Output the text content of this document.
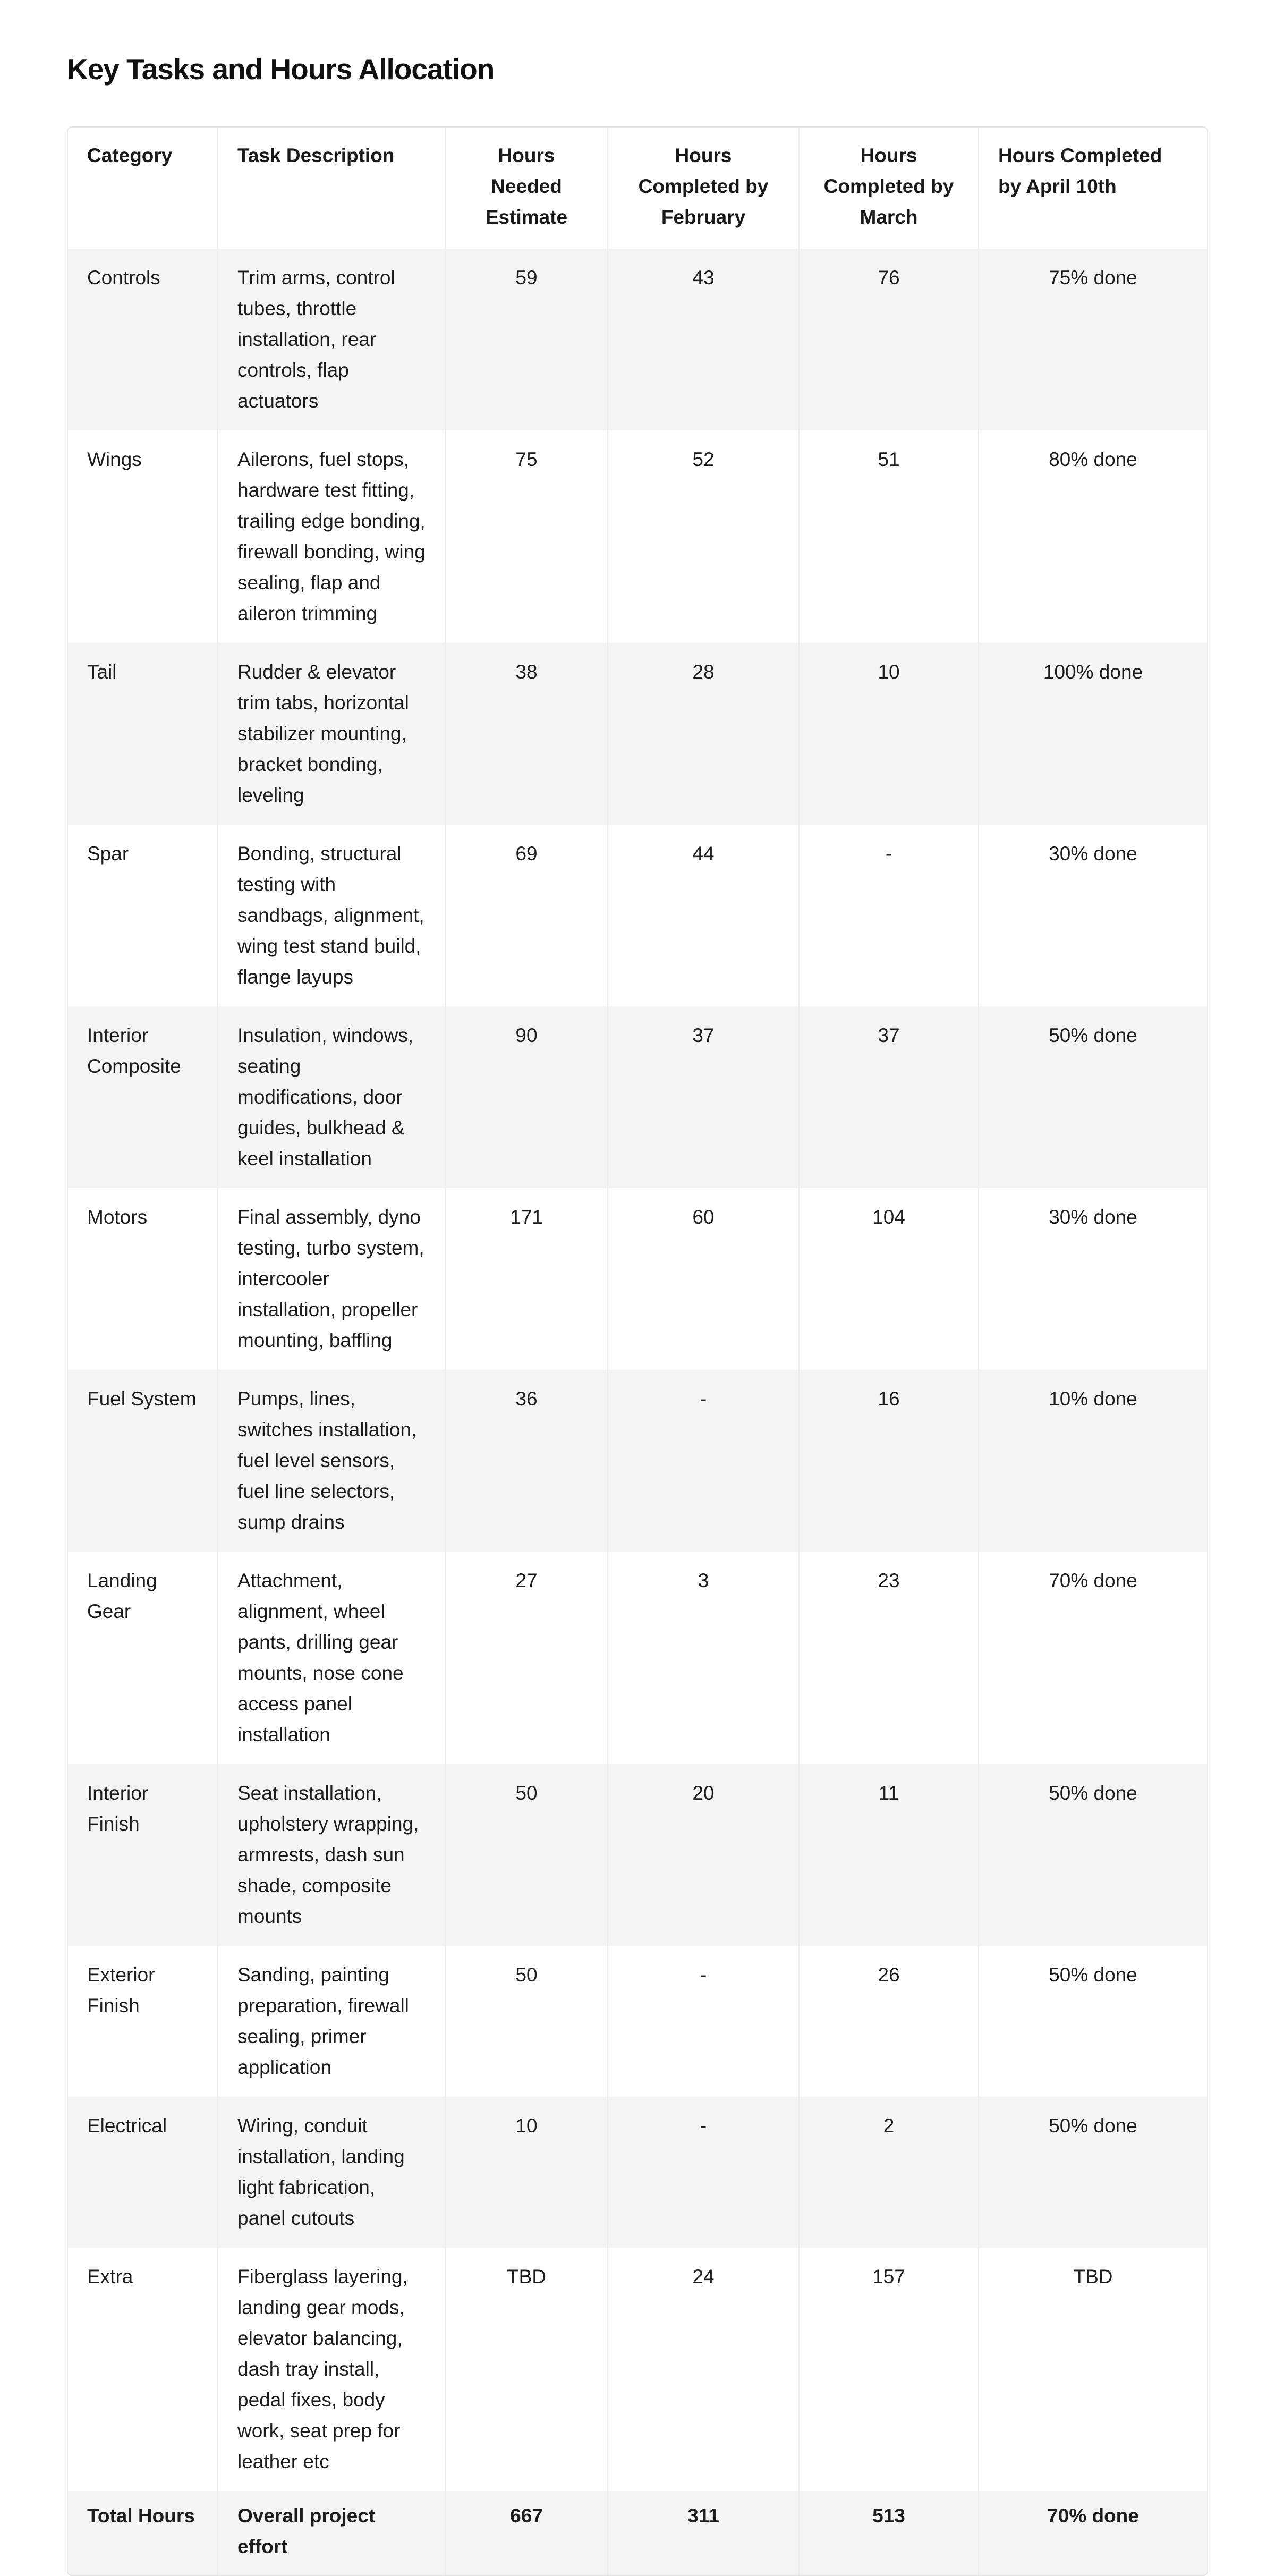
Key Tasks and Hours Allocation
Category	Task Description	Hours Needed Estimate	Hours Completed by February	Hours Completed by March	Hours Completed by April 10th
Controls	Trim arms, control tubes, throttle installation, rear controls, flap actuators	59	43	76	75% done
Wings	Ailerons, fuel stops, hardware test fitting, trailing edge bonding, firewall bonding, wing sealing, flap and aileron trimming	75	52	51	80% done
Tail	Rudder & elevator trim tabs, horizontal stabilizer mounting, bracket bonding, leveling	38	28	10	100% done
Spar	Bonding, structural testing with sandbags, alignment, wing test stand build, flange layups	69	44	-	30% done
Interior Composite	Insulation, windows, seating modifications, door guides, bulkhead & keel installation	90	37	37	50% done
Motors	Final assembly, dyno testing, turbo system, intercooler installation, propeller mounting, baffling	171	60	104	30% done
Fuel System	Pumps, lines, switches installation, fuel level sensors, fuel line selectors, sump drains	36	-	16	10% done
Landing Gear	Attachment, alignment, wheel pants, drilling gear mounts, nose cone access panel installation	27	3	23	70% done
Interior Finish	Seat installation, upholstery wrapping, armrests, dash sun shade, composite mounts	50	20	11	50% done
Exterior Finish	Sanding, painting preparation, firewall sealing, primer application	50	-	26	50% done
Electrical	Wiring, conduit installation, landing light fabrication, panel cutouts	10	-	2	50% done
Extra	Fiberglass layering, landing gear mods, elevator balancing, dash tray install, pedal fixes, body work, seat prep for leather etc	TBD	24	157	TBD
Total Hours	Overall project effort	667	311	513	70% done
